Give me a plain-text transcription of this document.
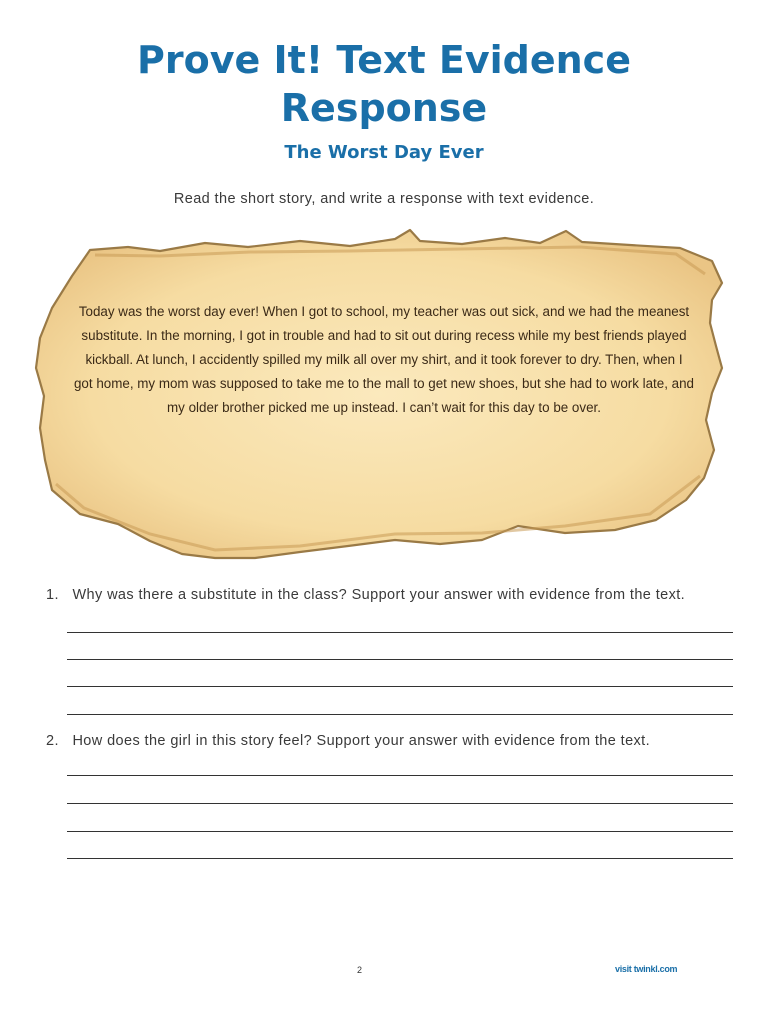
Prove It! Text Evidence
Response
The Worst Day Ever
Read the short story, and write a response with text evidence.
Today was the worst day ever! When I got to school, my teacher was out sick, and we had the meanest
substitute. In the morning, I got in trouble and had to sit out during recess while my best friends played
kickball. At lunch, I accidently spilled my milk all over my shirt, and it took forever to dry. Then, when I
got home, my mom was supposed to take me to the mall to get new shoes, but she had to work late, and
my older brother picked me up instead. I can’t wait for this day to be over.
1. Why was there a substitute in the class? Support your answer with evidence from the text.
2. How does the girl in this story feel? Support your answer with evidence from the text.
2	visit twinkl.com
